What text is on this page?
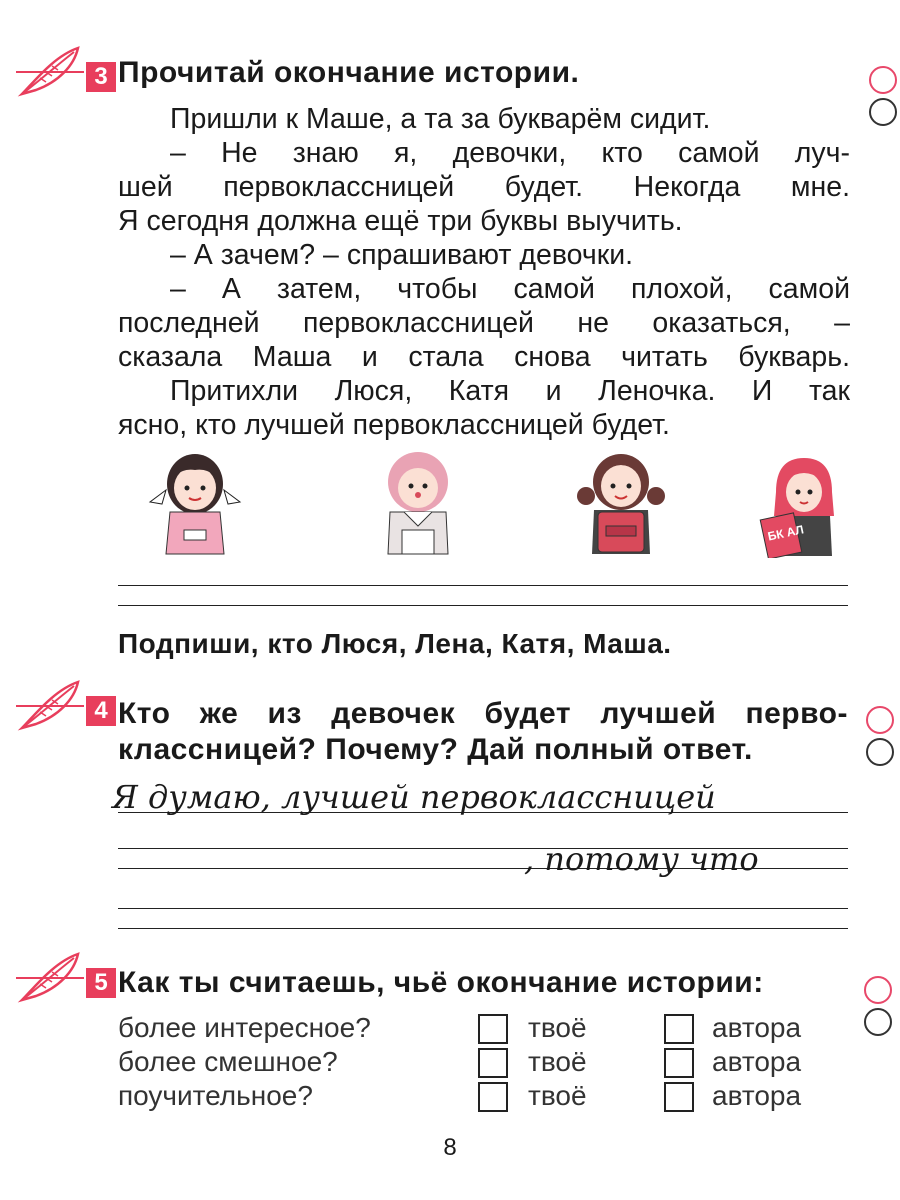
3 Прочитай окончание истории.
Пришли к Маше, а та за букварём сидит.
– Не знаю я, девочки, кто самой луч-
шей первоклассницей будет. Некогда мне.
Я сегодня должна ещё три буквы выучить.
– А зачем? – спрашивают девочки.
– А затем, чтобы самой плохой, самой
последней первоклассницей не оказаться, –
сказала Маша и стала снова читать букварь.
Притихли Люся, Катя и Леночка. И так
ясно, кто лучшей первоклассницей будет.
БК АЛ
Подпиши, кто Люся, Лена, Катя, Маша.
4 Кто же из девочек будет лучшей перво-
классницей? Почему? Дай полный ответ.
Я думаю, лучшей первоклассницей
, потому что
5 Как ты считаешь, чьё окончание истории:
более интересное?	твоё	автора
более смешное?	твоё	автора
поучительное?	твоё	автора
8
